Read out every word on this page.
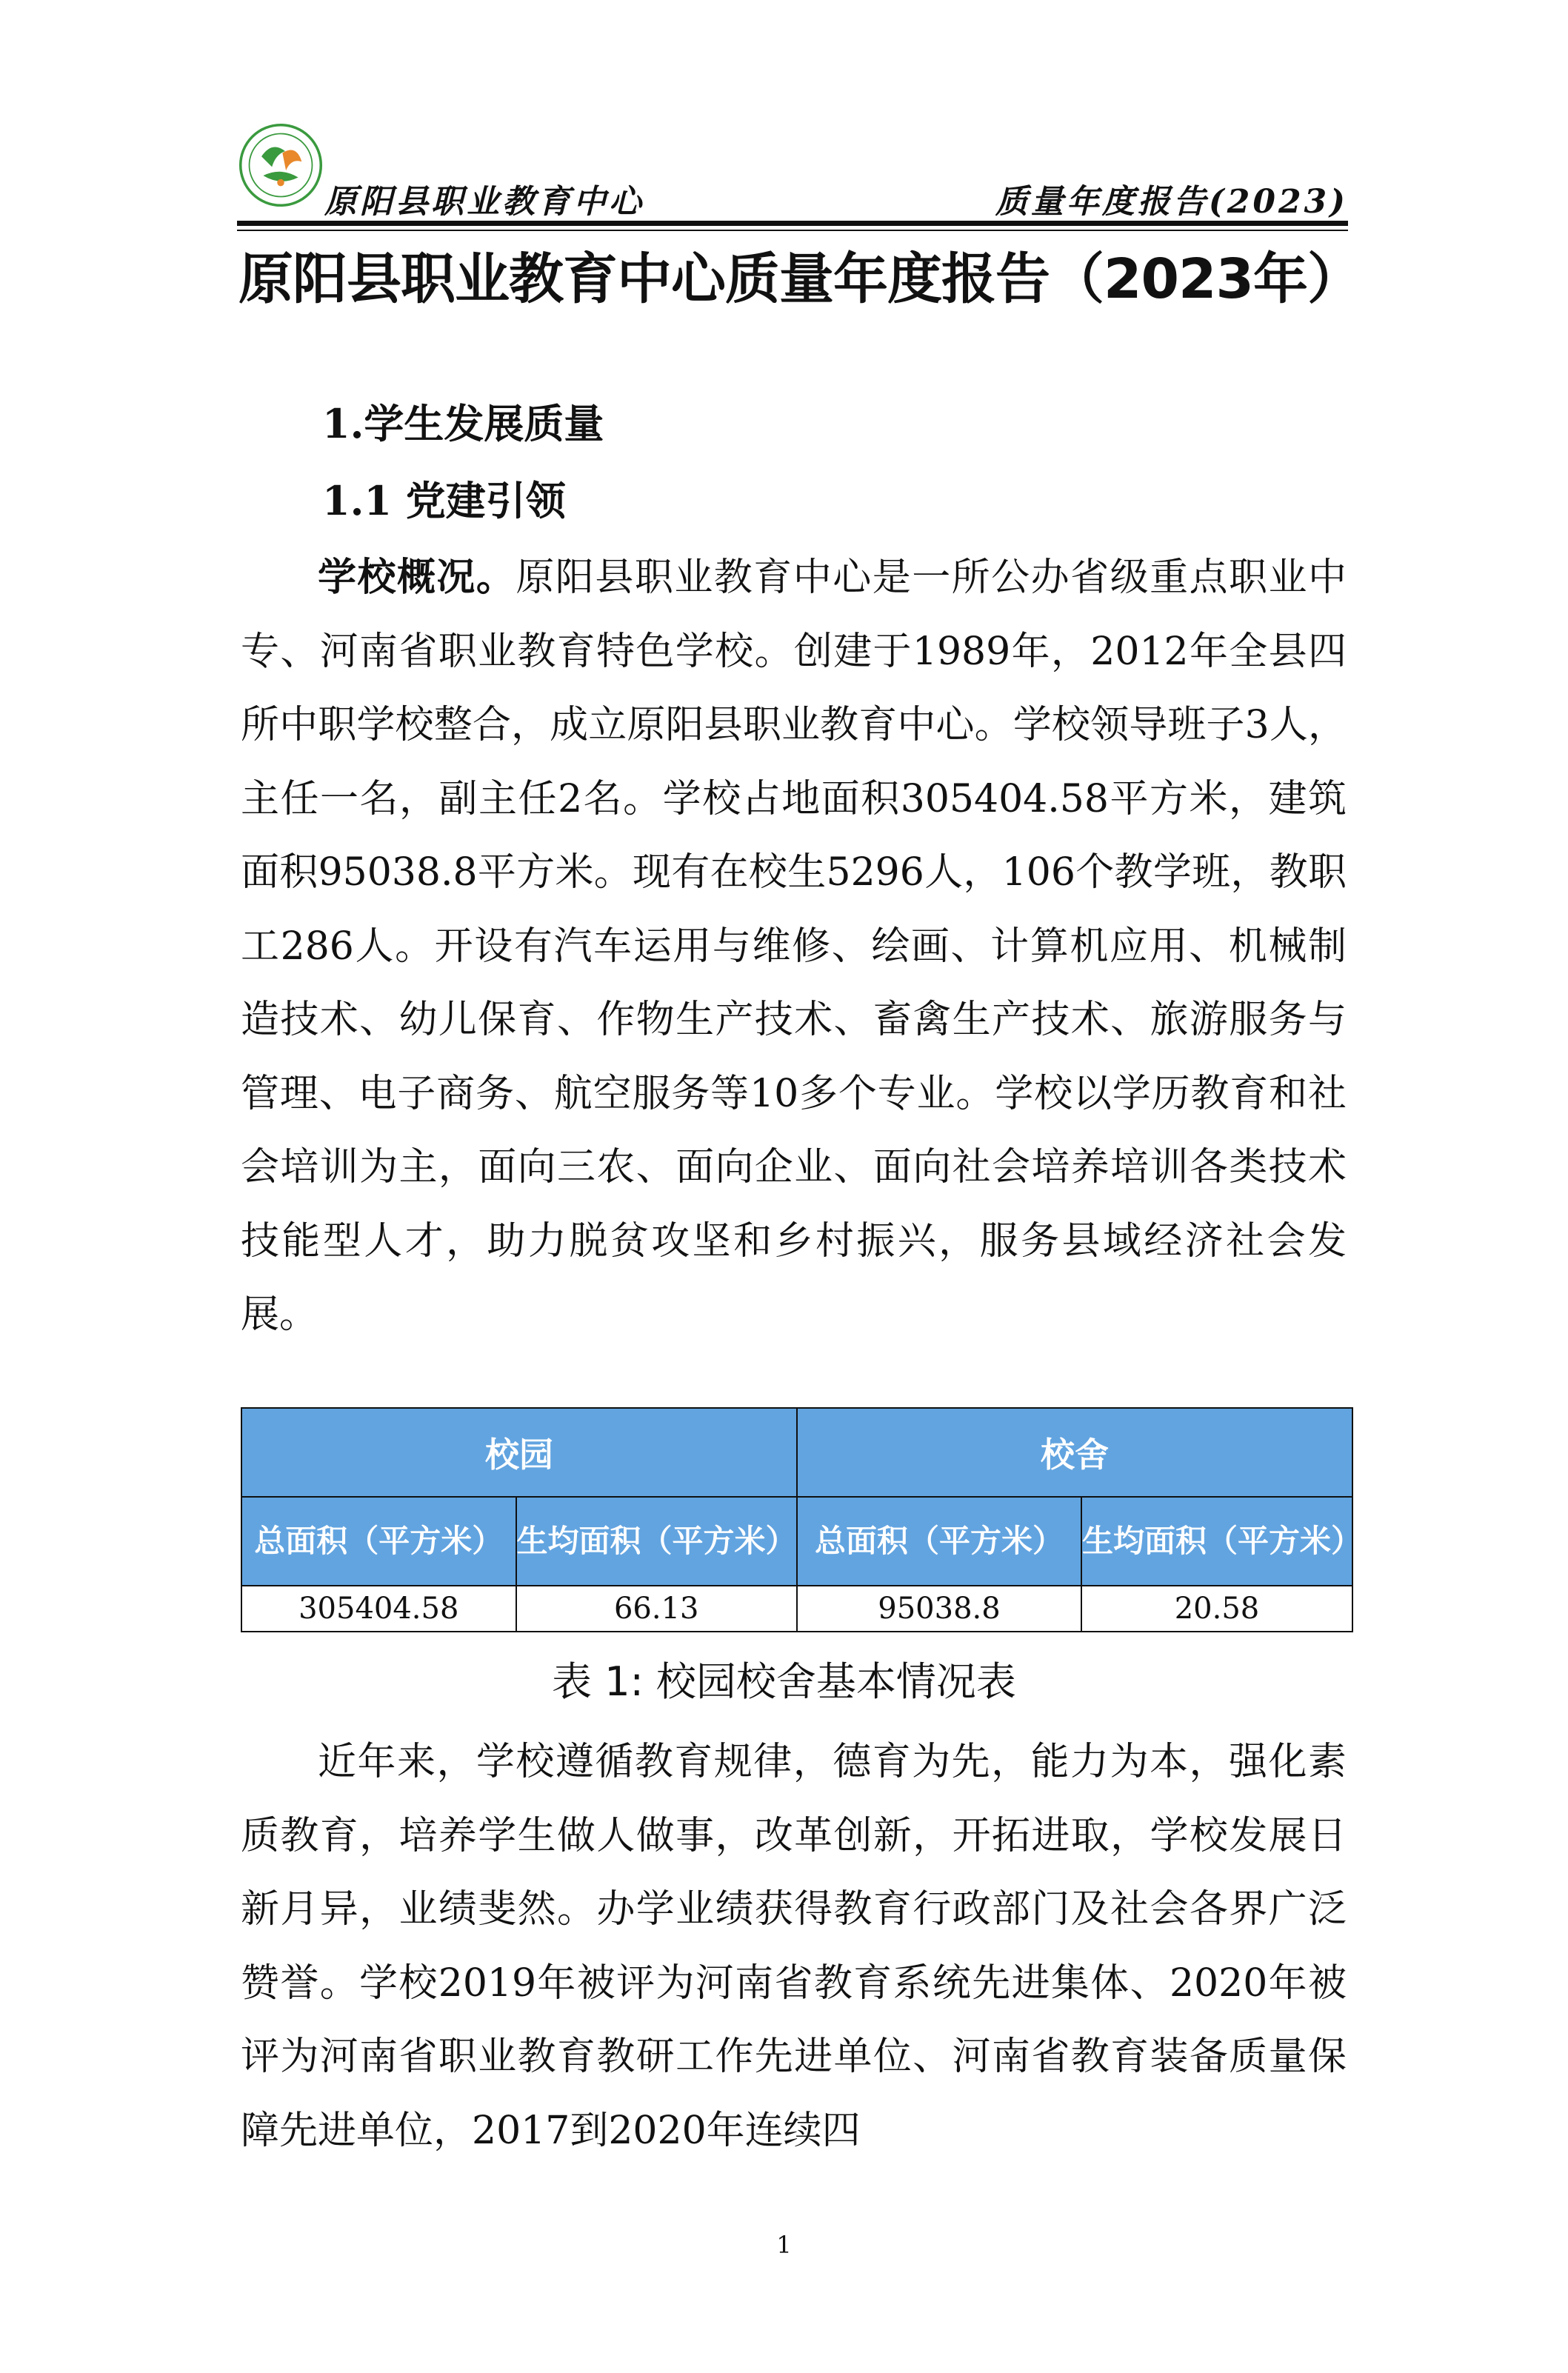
原阳县职业教育中心	质量年度报告(2023)
原阳县职业教育中心质量年度报告（2023年）
1.学生发展质量
1.1 党建引领

学校概况。原阳县职业教育中心是一所公办省级重点职业中专、河南省职业教育特色学校。创建于1989年，2012年全县四所中职学校整合，成立原阳县职业教育中心。学校领导班子3人，主任一名，副主任2名。学校占地面积305404.58平方米，建筑面积95038.8平方米。现有在校生5296人，106个教学班，教职工286人。开设有汽车运用与维修、绘画、计算机应用、机械制造技术、幼儿保育、作物生产技术、畜禽生产技术、旅游服务与管理、电子商务、航空服务等10多个专业。学校以学历教育和社会培训为主，面向三农、面向企业、面向社会培养培训各类技术技能型人才，助力脱贫攻坚和乡村振兴，服务县域经济社会发展。

校园		校舍	
总面积（平方米）	生均面积（平方米）	总面积（平方米）	生均面积（平方米）
305404.58	66.13	95038.8	20.58
表 1: 校园校舍基本情况表

近年来，学校遵循教育规律，德育为先，能力为本，强化素质教育，培养学生做人做事，改革创新，开拓进取，学校发展日新月异，业绩斐然。办学业绩获得教育行政部门及社会各界广泛赞誉。学校2019年被评为河南省教育系统先进集体、2020年被评为河南省职业教育教研工作先进单位、河南省教育装备质量保障先进单位，2017到2020年连续四

1
